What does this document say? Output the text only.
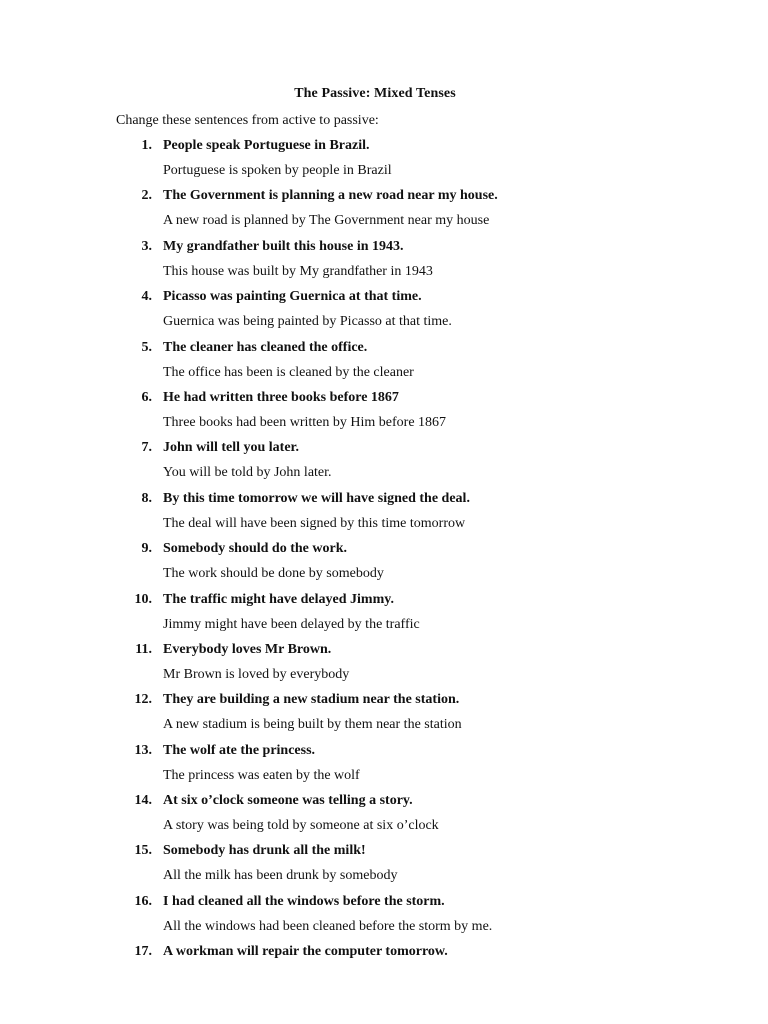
The Passive: Mixed Tenses
Change these sentences from active to passive:
1. People speak Portuguese in Brazil.
Portuguese is spoken by people in Brazil
2. The Government is planning a new road near my house.
A new road is planned by The Government near my house
3. My grandfather built this house in 1943.
This house was built by My grandfather in 1943
4. Picasso was painting Guernica at that time.
Guernica was being painted by Picasso at that time.
5. The cleaner has cleaned the office.
The office has been is cleaned by the cleaner
6. He had written three books before 1867
Three books had been written by Him before 1867
7. John will tell you later.
You will be told by John later.
8. By this time tomorrow we will have signed the deal.
The deal will have been signed by this time tomorrow
9. Somebody should do the work.
The work should be done by somebody
10. The traffic might have delayed Jimmy.
Jimmy might have been delayed by the traffic
11. Everybody loves Mr Brown.
Mr Brown is loved by everybody
12. They are building a new stadium near the station.
A new stadium is being built by them near the station
13. The wolf ate the princess.
The princess was eaten by the wolf
14. At six o’clock someone was telling a story.
A story was being told by someone at six o’clock
15. Somebody has drunk all the milk!
All the milk has been drunk by somebody
16. I had cleaned all the windows before the storm.
All the windows had been cleaned before the storm by me.
17. A workman will repair the computer tomorrow.
